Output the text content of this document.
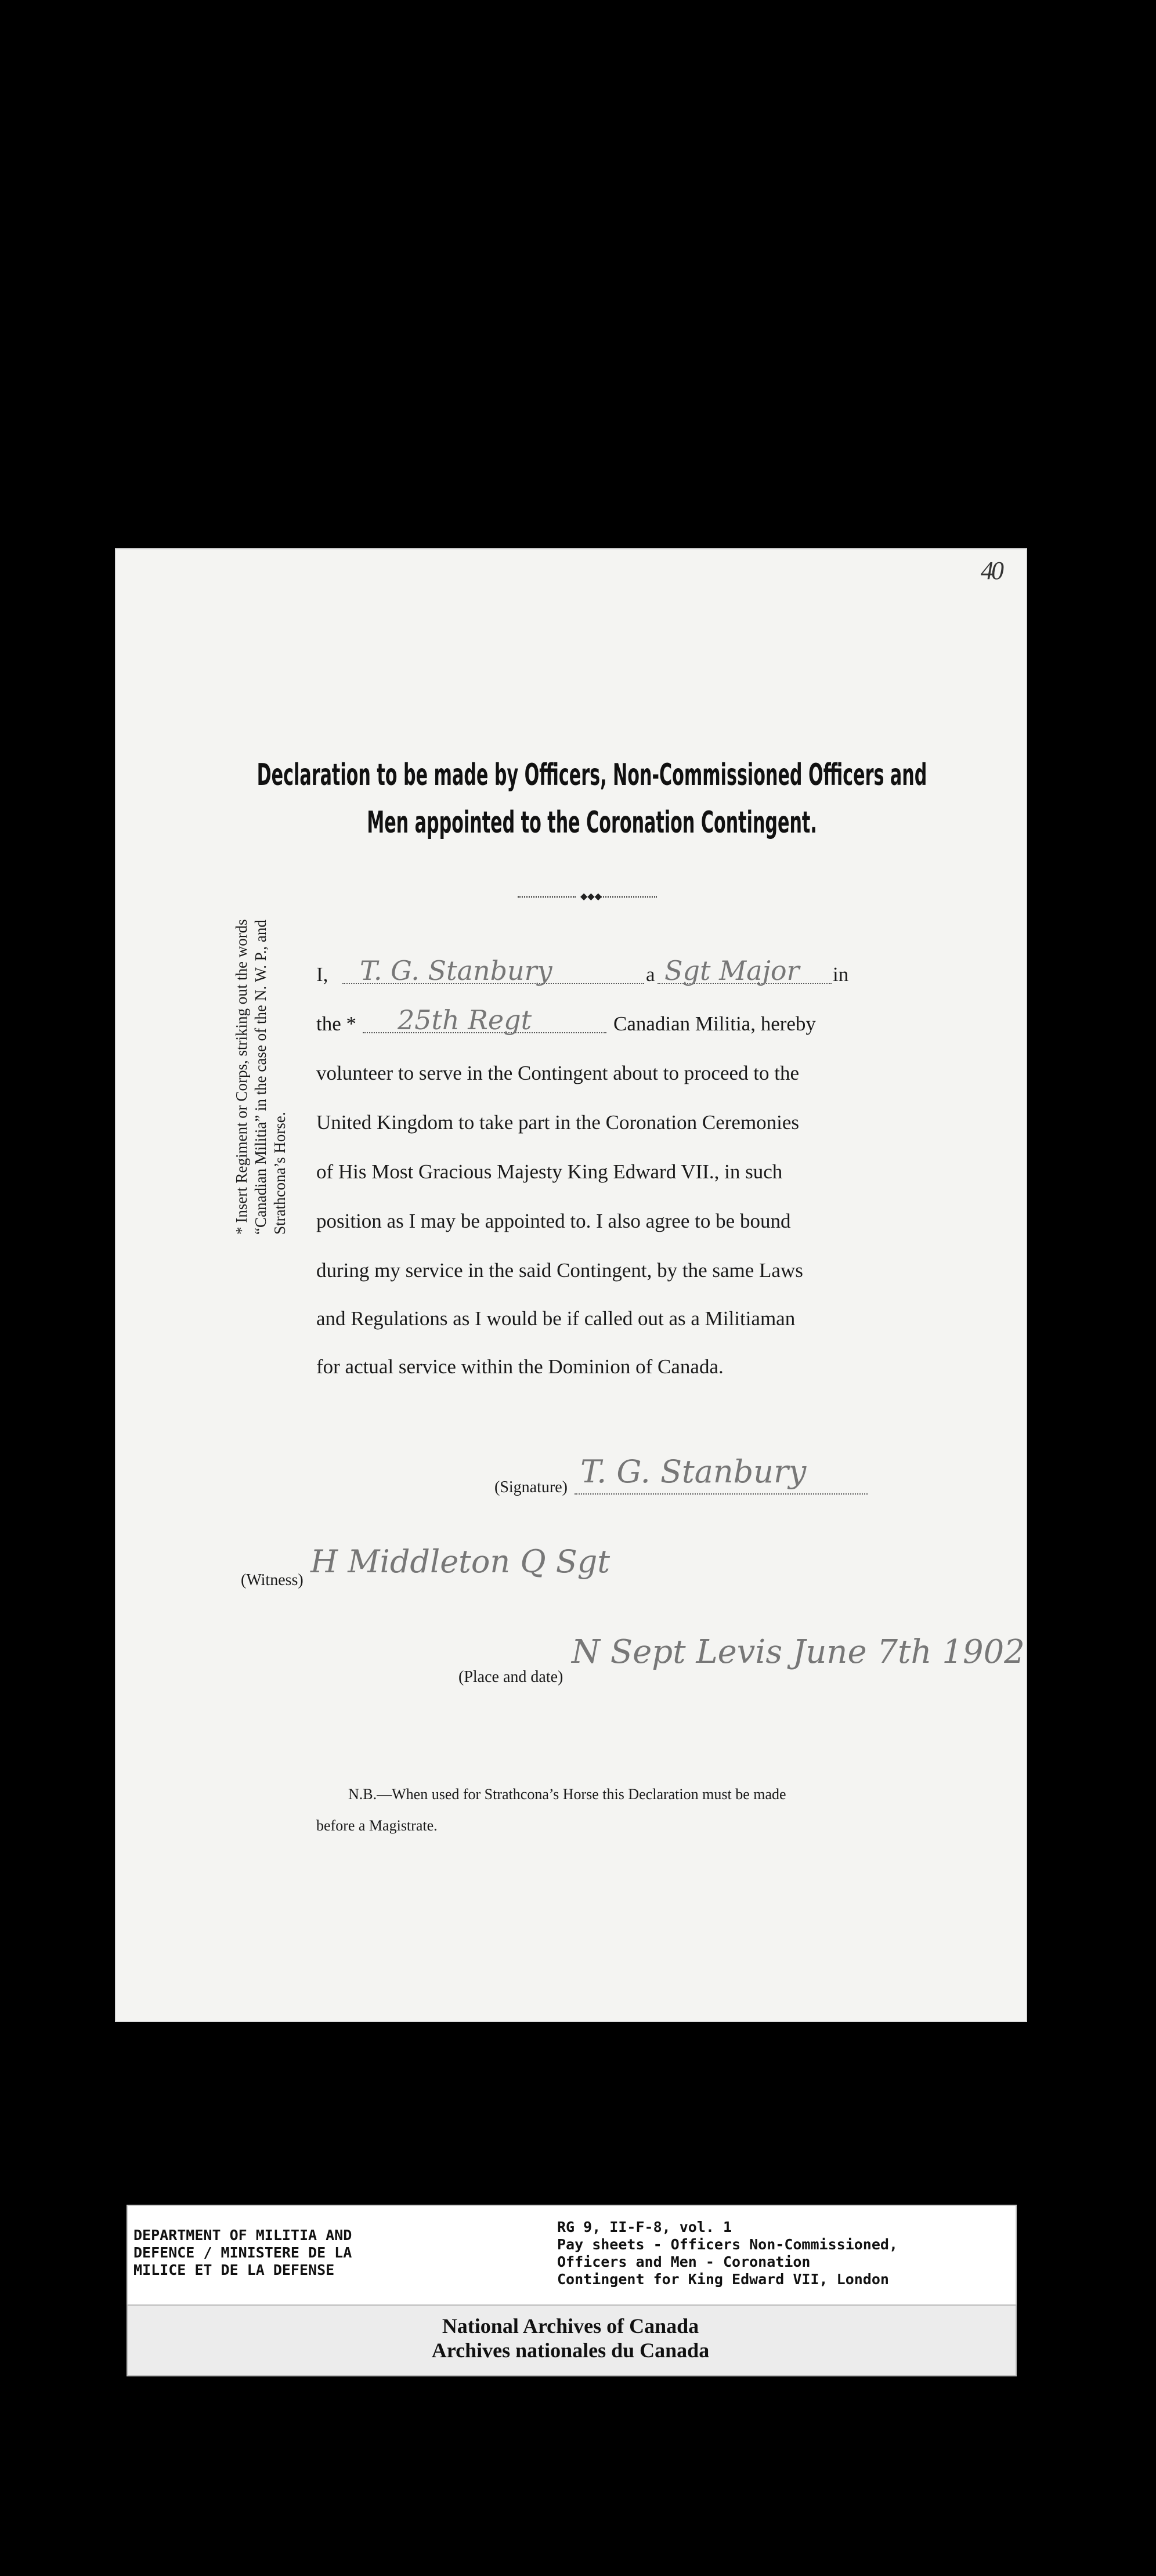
40
Declaration to be made by Officers, Non-Commissioned Officers and
Men appointed to the Coronation Contingent.
◆◆◆
I, T. G. Stanbury	a Sgt Major in
the * 25th Regt	Canadian Militia, hereby
volunteer to serve in the Contingent about to proceed to the
United Kingdom to take part in the Coronation Ceremonies
of His Most Gracious Majesty King Edward VII., in such
position as I may be appointed to. I also agree to be bound
during my service in the said Contingent, by the same Laws
and Regulations as I would be if called out as a Militiaman
for actual service within the Dominion of Canada.
* Insert Regiment or Corps, striking out the words “Canadian Militia” in the case of the N. W. P., and Strathcona’s Horse.
(Signature) T. G. Stanbury
(Witness)
H Middleton Q Sgt
(Place and date)
N Sept Levis June 7th 1902
N.B.—When used for Strathcona’s Horse this Declaration must be made
before a Magistrate.
DEPARTMENT OF MILITIA AND
DEFENCE / MINISTERE DE LA
MILICE ET DE LA DEFENSE
RG 9, II-F-8, vol. 1
Pay sheets - Officers Non-Commissioned,
Officers and Men - Coronation
Contingent for King Edward VII, London
National Archives of Canada
Archives nationales du Canada
